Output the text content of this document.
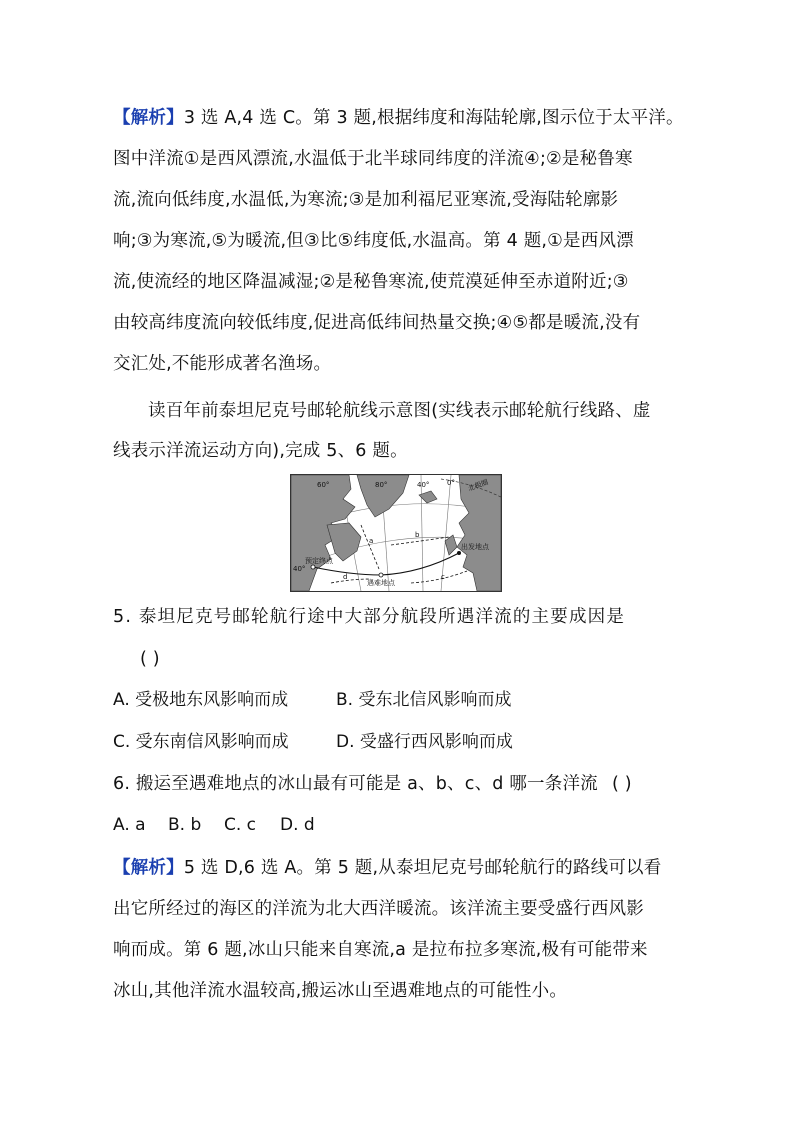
【解析】3 选 A,4 选 C。第 3 题,根据纬度和海陆轮廓,图示位于太平洋。
图中洋流①是西风漂流,水温低于北半球同纬度的洋流④;②是秘鲁寒
流,流向低纬度,水温低,为寒流;③是加利福尼亚寒流,受海陆轮廓影
响;③为寒流,⑤为暖流,但③比⑤纬度低,水温高。第 4 题,①是西风漂
流,使流经的地区降温减湿;②是秘鲁寒流,使荒漠延伸至赤道附近;③
由较高纬度流向较低纬度,促进高低纬间热量交换;④⑤都是暖流,没有
交汇处,不能形成著名渔场。
读百年前泰坦尼克号邮轮航线示意图(实线表示邮轮航行线路、虚
线表示洋流运动方向),完成 5、6 题。
60°	80°	40°	0° 北极圈
40°
预定终点
遇难地点
出发地点
a
b
c
d
5. 泰坦尼克号邮轮航行途中大部分航段所遇洋流的主要成因是
( )
A. 受极地东风影响而成	B. 受东北信风影响而成
C. 受东南信风影响而成	D. 受盛行西风影响而成
6. 搬运至遇难地点的冰山最有可能是 a、b、c、d 哪一条洋流 ( )
A. a B. b C. c D. d
【解析】5 选 D,6 选 A。第 5 题,从泰坦尼克号邮轮航行的路线可以看
出它所经过的海区的洋流为北大西洋暖流。该洋流主要受盛行西风影
响而成。第 6 题,冰山只能来自寒流,a 是拉布拉多寒流,极有可能带来
冰山,其他洋流水温较高,搬运冰山至遇难地点的可能性小。
